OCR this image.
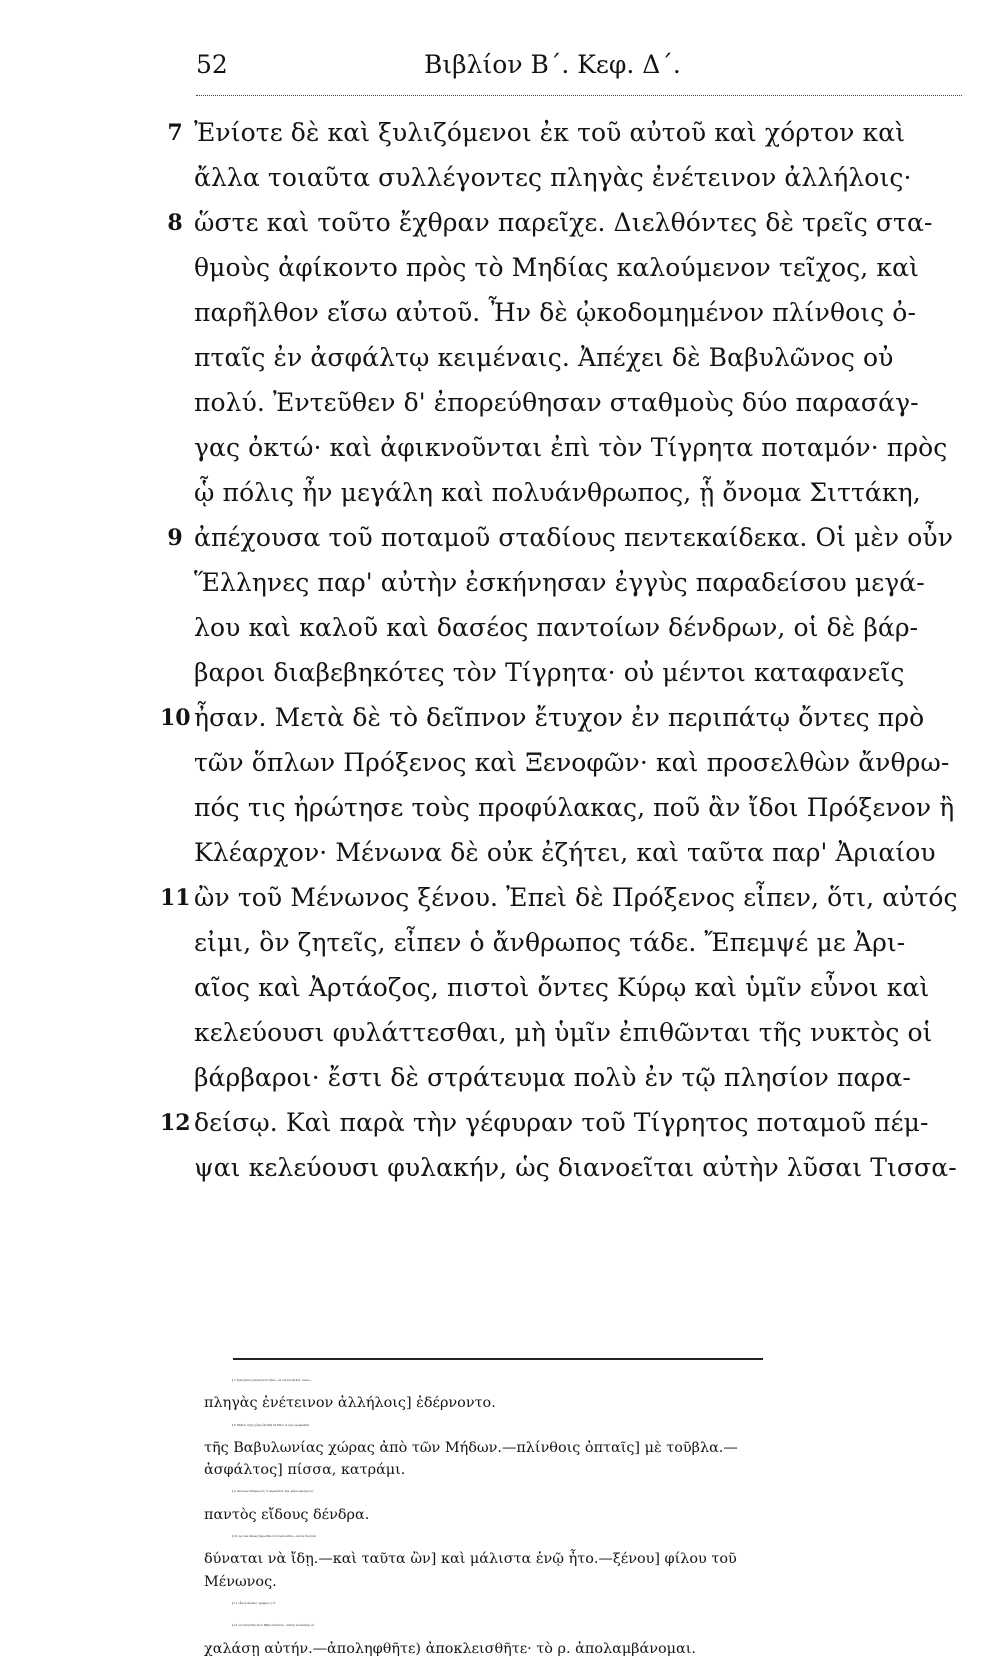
52	Βιβλίον Β΄. Κεφ. Δ΄.
7 Ἐνίοτε δὲ καὶ ξυλιζόμενοι ἐκ τοῦ αὐτοῦ καὶ χόρτον καὶ
ἄλλα τοιαῦτα συλλέγοντες πληγὰς ἐνέτεινον ἀλλήλοις·
8 ὥστε καὶ τοῦτο ἔχθραν παρεῖχε. Διελθόντες δὲ τρεῖς στα-
θμοὺς ἀφίκοντο πρὸς τὸ Μηδίας καλούμενον τεῖχος, καὶ
παρῆλθον εἴσω αὐτοῦ. Ἦν δὲ ᾠκοδομημένον πλίνθοις ὀ-
πταῖς ἐν ἀσφάλτῳ κειμέναις. Ἀπέχει δὲ Βαβυλῶνος οὐ
πολύ. Ἐντεῦθεν δ' ἐπορεύθησαν σταθμοὺς δύο παρασάγ-
γας ὀκτώ· καὶ ἀφικνοῦνται ἐπὶ τὸν Τίγρητα ποταμόν· πρὸς
ᾧ πόλις ἦν μεγάλη καὶ πολυάνθρωπος, ᾗ ὄνομα Σιττάκη,
9 ἀπέχουσα τοῦ ποταμοῦ σταδίους πεντεκαίδεκα. Οἱ μὲν οὖν
Ἕλληνες παρ' αὐτὴν ἐσκήνησαν ἐγγὺς παραδείσου μεγά-
λου καὶ καλοῦ καὶ δασέος παντοίων δένδρων, οἱ δὲ βάρ-
βαροι διαβεβηκότες τὸν Τίγρητα· οὐ μέντοι καταφανεῖς
10 ἦσαν. Μετὰ δὲ τὸ δεῖπνον ἔτυχον ἐν περιπάτῳ ὄντες πρὸ
τῶν ὅπλων Πρόξενος καὶ Ξενοφῶν· καὶ προσελθὼν ἄνθρω-
πός τις ἠρώτησε τοὺς προφύλακας, ποῦ ἂν ἴδοι Πρόξενον ἢ
Κλέαρχον· Μένωνα δὲ οὐκ ἐζήτει, καὶ ταῦτα παρ' Ἀριαίου
11 ὢν τοῦ Μένωνος ξένου. Ἐπεὶ δὲ Πρόξενος εἶπεν, ὅτι, αὐτός
εἰμι, ὃν ζητεῖς, εἶπεν ὁ ἄνθρωπος τάδε. Ἔπεμψέ με Ἀρι-
αῖος καὶ Ἀρτάοζος, πιστοὶ ὄντες Κύρῳ καὶ ὑμῖν εὖνοι καὶ
κελεύουσι φυλάττεσθαι, μὴ ὑμῖν ἐπιθῶνται τῆς νυκτὸς οἱ
βάρβαροι· ἔστι δὲ στράτευμα πολὺ ἐν τῷ πλησίον παρα-
12 δείσῳ. Καὶ παρὰ τὴν γέφυραν τοῦ Τίγρητος ποταμοῦ πέμ-
ψαι κελεύουσι φυλακήν, ὡς διανοεῖται αὐτὴν λῦσαι Τισσα-
§ 7. ξυλιζόμενοι] συλλέγοντες ξύλα.—ἐκ τοῦ αὐτοῦ] δηλ. τόπου.—
πληγὰς ἐνέτεινον ἀλλήλοις] ἐδέρνοντο.
§ 8. Μηδίας τεῖχος] ὅπερ ἐκτίσθη τῷ 580 π. Χ. πρὸς προφύλαξιν
τῆς Βαβυλωνίας χώρας ἀπὸ τῶν Μήδων.—πλίνθοις ὀπταῖς] μὲ τοῦβλα.—
ἀσφάλτος] πίσσα, κατράμι.
§ 9. παντοίων δένδρων] εἰς τὸ παραδείσου, δηλ. κήπου περιέχοντος
παντὸς εἴδους δένδρα.
§ 10. πρὸ τῶν ὅπλων] ἔμπροσθεν τοῦ στρατοπέδου.—ποῦ ἂν ἴδοι] ποῦ
δύναται νὰ ἴδῃ.—καὶ ταῦτα ὢν] καὶ μάλιστα ἐνῷ ἦτο.—ξένου] φίλου τοῦ
Μένωνος.
§ 11. εὖνοι] εὐνοϊκοί· γραμματ. § 17.
§ 12. ὡς διανοεῖται] διότι δῆθεν σκέπτεται.—λῦσαι] νὰ διαλύσῃ, νὰ
χαλάσῃ αὐτήν.—ἀποληφθῆτε) ἀποκλεισθῆτε· τὸ ρ. ἀπολαμβάνομαι.
